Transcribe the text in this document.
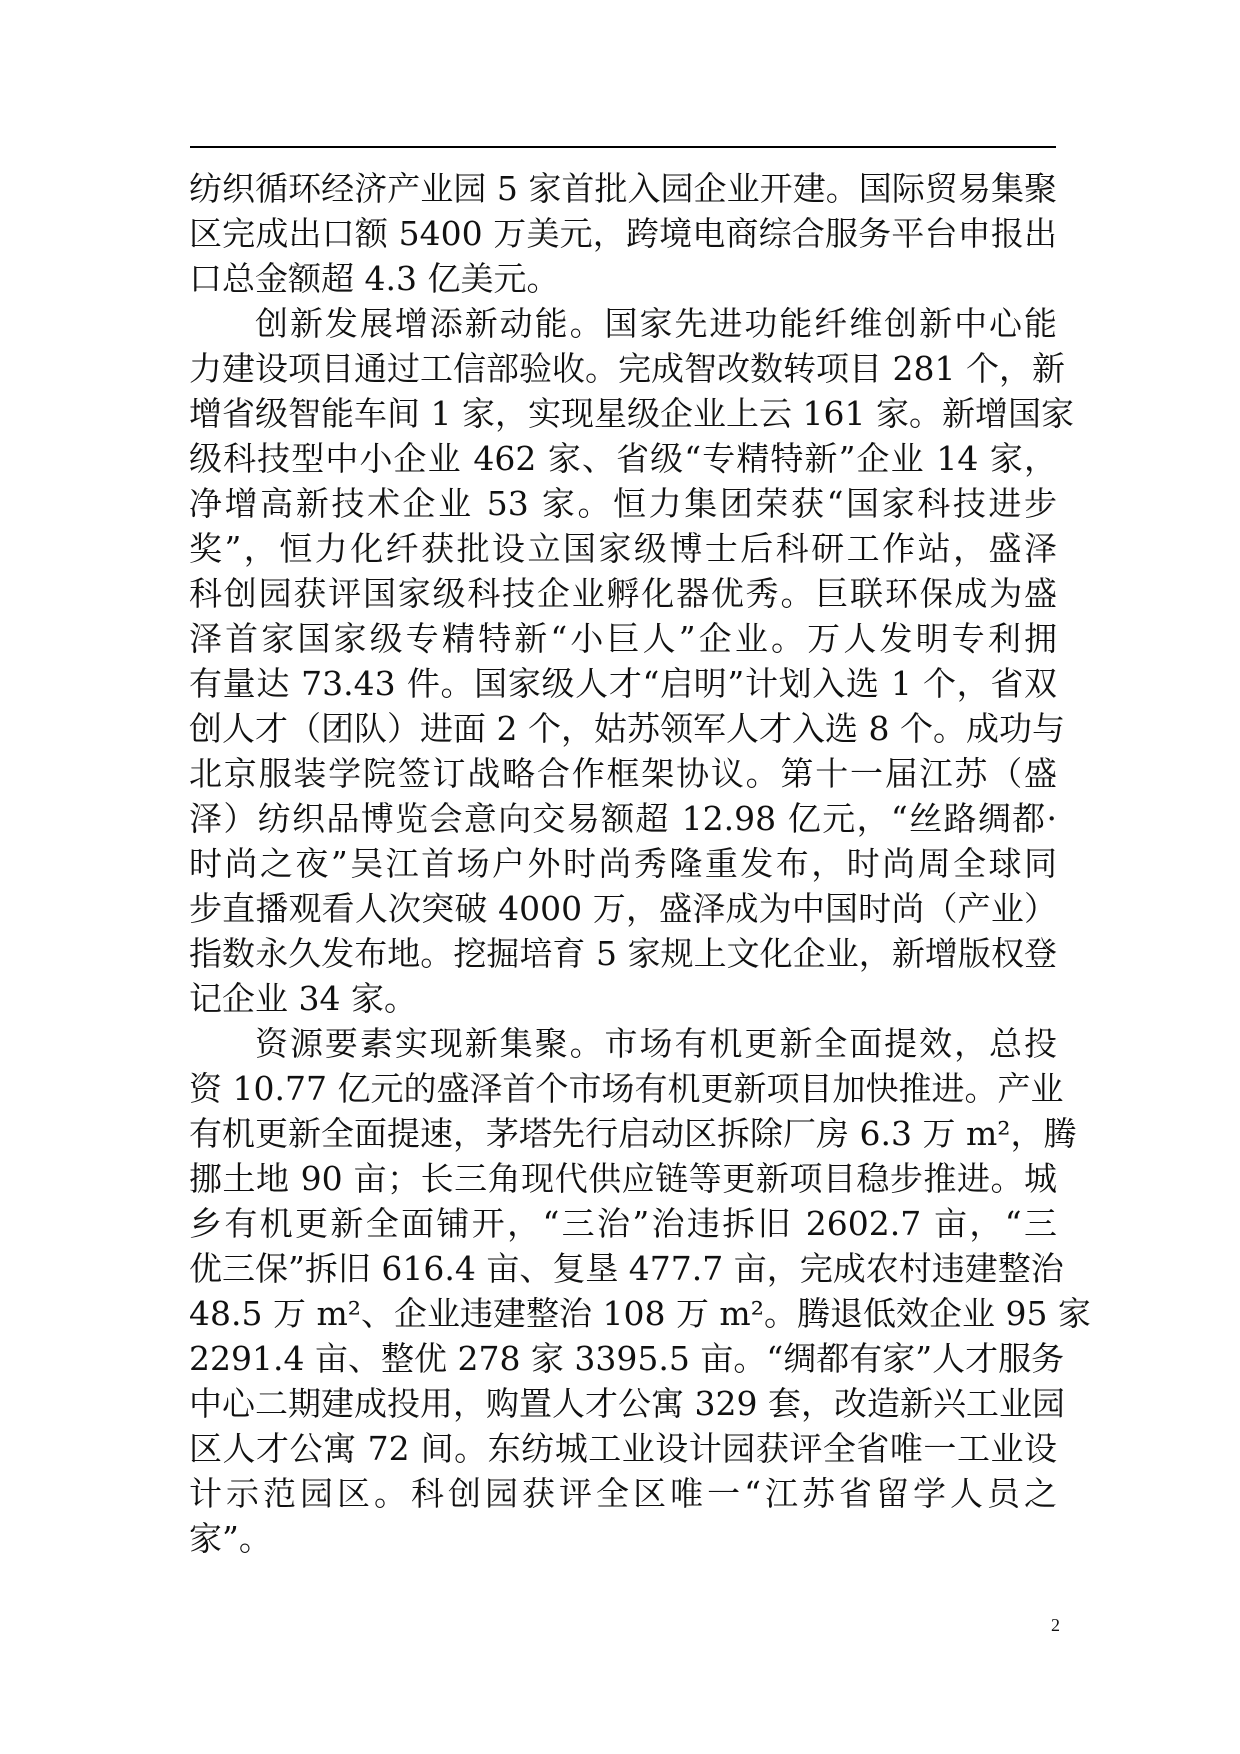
纺织循环经济产业园 5 家首批入园企业开建。国际贸易集聚
区完成出口额 5400 万美元，跨境电商综合服务平台申报出
口总金额超 4.3 亿美元。
创新发展增添新动能。国家先进功能纤维创新中心能
力建设项目通过工信部验收。完成智改数转项目 281 个，新
增省级智能车间 1 家，实现星级企业上云 161 家。新增国家
级科技型中小企业 462 家、省级“专精特新”企业 14 家，
净增高新技术企业 53 家。恒力集团荣获“国家科技进步
奖”，恒力化纤获批设立国家级博士后科研工作站，盛泽
科创园获评国家级科技企业孵化器优秀。巨联环保成为盛
泽首家国家级专精特新“小巨人”企业。万人发明专利拥
有量达 73.43 件。国家级人才“启明”计划入选 1 个，省双
创人才（团队）进面 2 个，姑苏领军人才入选 8 个。成功与
北京服装学院签订战略合作框架协议。第十一届江苏（盛
泽）纺织品博览会意向交易额超 12.98 亿元，“丝路绸都·
时尚之夜”吴江首场户外时尚秀隆重发布，时尚周全球同
步直播观看人次突破 4000 万，盛泽成为中国时尚（产业）
指数永久发布地。挖掘培育 5 家规上文化企业，新增版权登
记企业 34 家。
资源要素实现新集聚。市场有机更新全面提效，总投
资 10.77 亿元的盛泽首个市场有机更新项目加快推进。产业
有机更新全面提速，茅塔先行启动区拆除厂房 6.3 万 m²，腾
挪土地 90 亩；长三角现代供应链等更新项目稳步推进。城
乡有机更新全面铺开，“三治”治违拆旧 2602.7 亩，“三
优三保”拆旧 616.4 亩、复垦 477.7 亩，完成农村违建整治
48.5 万 m²、企业违建整治 108 万 m²。腾退低效企业 95 家
2291.4 亩、整优 278 家 3395.5 亩。“绸都有家”人才服务
中心二期建成投用，购置人才公寓 329 套，改造新兴工业园
区人才公寓 72 间。东纺城工业设计园获评全省唯一工业设
计示范园区。科创园获评全区唯一“江苏省留学人员之
家”。
2
